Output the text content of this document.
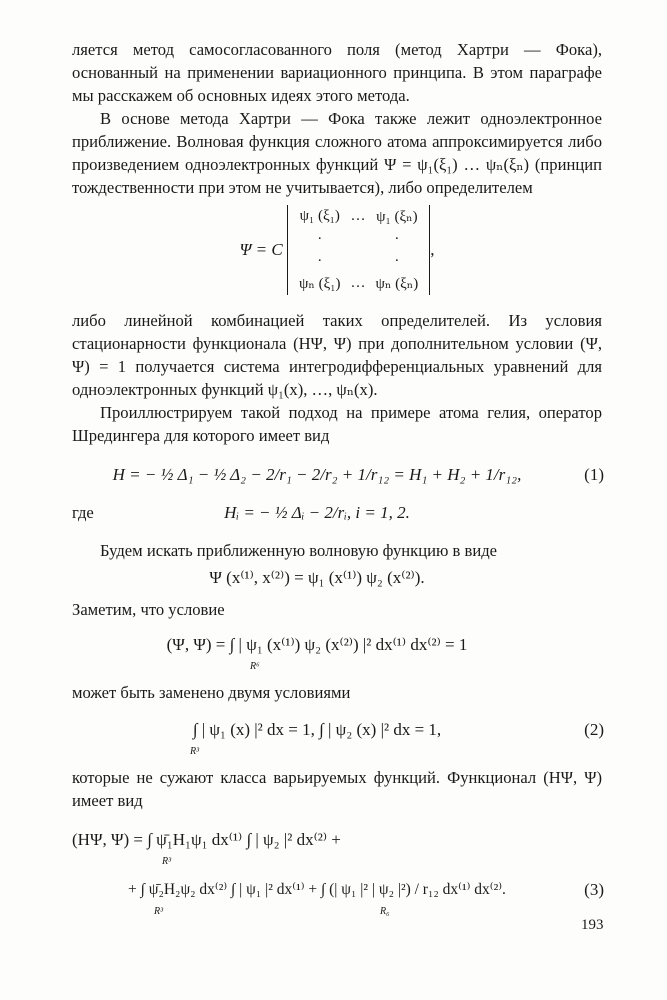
ляется метод самосогласованного поля (метод Хартри — Фока), основанный на применении вариационного принципа. В этом параграфе мы расскажем об основных идеях этого метода.

В основе метода Хартри — Фока также лежит одноэлектронное приближение. Волновая функция сложного атома аппроксимируется либо произведением одноэлектронных функций Ψ = ψ₁(ξ₁) … ψₙ(ξₙ) (принцип тождественности при этом не учитывается), либо определителем

Ψ = C
ψ₁ (ξ₁)	…	ψ₁ (ξₙ)
·		·
·		·
ψₙ (ξ₁)	…	ψₙ (ξₙ)
,

либо линейной комбинацией таких определителей. Из условия стационарности функционала (HΨ, Ψ) при дополнительном условии (Ψ, Ψ) = 1 получается система интегродифференциальных уравнений для одноэлектронных функций ψ₁(x), …, ψₙ(x).

Проиллюстрируем такой подход на примере атома гелия, оператор Шредингера для которого имеет вид

H = − ½ Δ₁ − ½ Δ₂ − 2/r₁ − 2/r₂ + 1/r₁₂ = H₁ + H₂ + 1/r₁₂,	(1)
где	Hᵢ = − ½ Δᵢ − 2/rᵢ, i = 1, 2.

Будем искать приближенную волновую функцию в виде

Ψ (x⁽¹⁾, x⁽²⁾) = ψ₁ (x⁽¹⁾) ψ₂ (x⁽²⁾).

Заметим, что условие

(Ψ, Ψ) = ∫ | ψ₁ (x⁽¹⁾) ψ₂ (x⁽²⁾) |² dx⁽¹⁾ dx⁽²⁾ = 1
R⁶

может быть заменено двумя условиями

∫ | ψ₁ (x) |² dx = 1, ∫ | ψ₂ (x) |² dx = 1,	(2)
R³

которые не сужают класса варьируемых функций. Функционал (HΨ, Ψ) имеет вид

(HΨ, Ψ) = ∫ ψ̄₁H₁ψ₁ dx⁽¹⁾ ∫ | ψ₂ |² dx⁽²⁾ +
R³
+ ∫ ψ̄₂H₂ψ₂ dx⁽²⁾ ∫ | ψ₁ |² dx⁽¹⁾ + ∫ (| ψ₁ |² | ψ₂ |²) / r₁₂ dx⁽¹⁾ dx⁽²⁾.	(3)
R³	R₆
193
